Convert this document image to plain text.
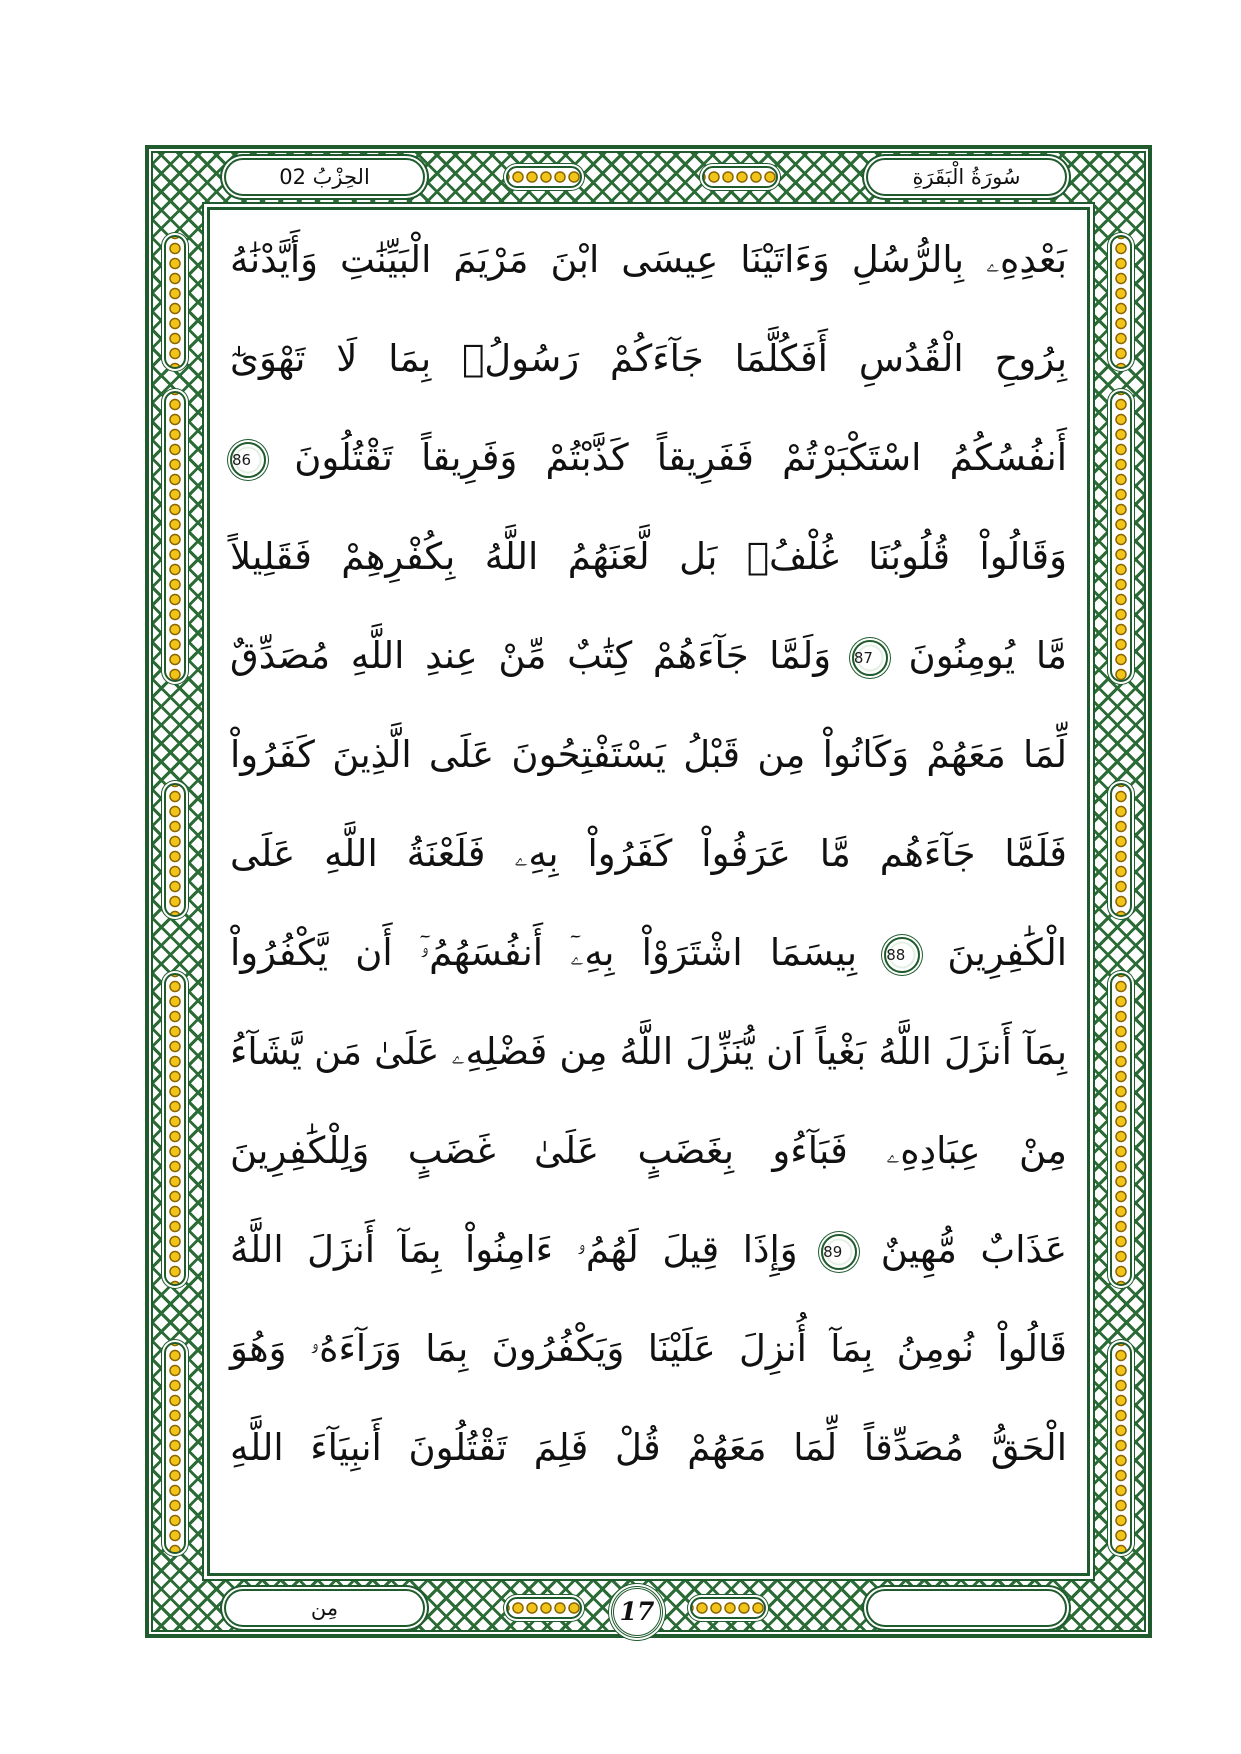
بَعْدِهِۦ بِالرُّسُلِ وَءَاتَيْنَا عِيسَى ابْنَ مَرْيَمَ الْبَيِّنَٰتِ وَأَيَّدْنَٰهُ
بِرُوحِ الْقُدُسِ أَفَكُلَّمَا جَآءَكُمْ رَسُولُۢ بِمَا لَا تَهْوَىٰٓ
أَنفُسُكُمُ اسْتَكْبَرْتُمْ فَفَرِيقاً كَذَّبْتُمْ وَفَرِيقاً تَقْتُلُونَ 86
وَقَالُواْ قُلُوبُنَا غُلْفُۢ بَل لَّعَنَهُمُ اللَّهُ بِكُفْرِهِمْ فَقَلِيلاً
مَّا يُومِنُونَ 87 وَلَمَّا جَآءَهُمْ كِتَٰبٌ مِّنْ عِندِ اللَّهِ مُصَدِّقٌ
لِّمَا مَعَهُمْ وَكَانُواْ مِن قَبْلُ يَسْتَفْتِحُونَ عَلَى الَّذِينَ كَفَرُواْ
فَلَمَّا جَآءَهُم مَّا عَرَفُواْ كَفَرُواْ بِهِۦ فَلَعْنَةُ اللَّهِ عَلَى
الْكَٰفِرِينَ 88 بِيسَمَا اشْتَرَوْاْ بِهِۦٓ أَنفُسَهُمُۥٓ أَن يَّكْفُرُواْ
بِمَآ أَنزَلَ اللَّهُ بَغْياً اَن يُّنَزِّلَ اللَّهُ مِن فَضْلِهِۦ عَلَىٰ مَن يَّشَآءُ
مِنْ عِبَادِهِۦ فَبَآءُو بِغَضَبٍ عَلَىٰ غَضَبٍ وَلِلْكَٰفِرِينَ
عَذَابٌ مُّهِينٌ 89 وَإِذَا قِيلَ لَهُمُۥ ءَامِنُواْ بِمَآ أَنزَلَ اللَّهُ
قَالُواْ نُومِنُ بِمَآ أُنزِلَ عَلَيْنَا وَيَكْفُرُونَ بِمَا وَرَآءَهُۥ وَهُوَ
الْحَقُّ مُصَدِّقاً لِّمَا مَعَهُمْ قُلْ فَلِمَ تَقْتُلُونَ أَنبِيَآءَ اللَّهِ
الحِزْبُ 02	سُورَةُ الْبَقَرَةِ
مِن	17
